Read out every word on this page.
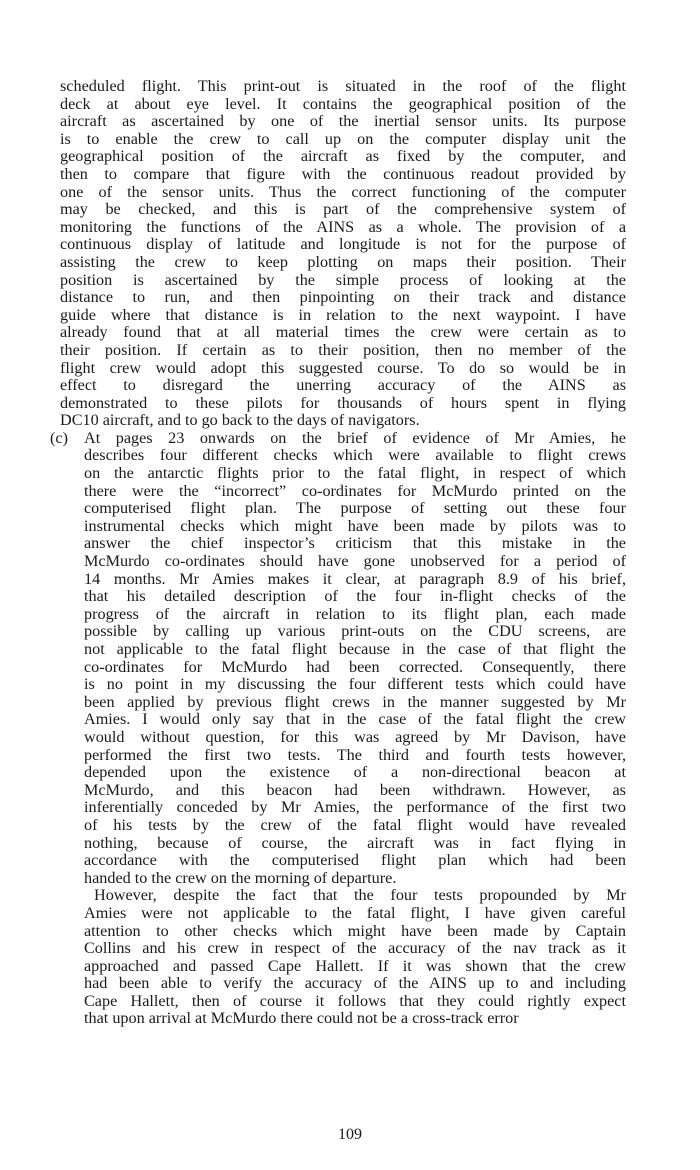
scheduled flight. This print-out is situated in the roof of the flight
deck at about eye level. It contains the geographical position of the
aircraft as ascertained by one of the inertial sensor units. Its purpose
is to enable the crew to call up on the computer display unit the
geographical position of the aircraft as fixed by the computer, and
then to compare that figure with the continuous readout provided by
one of the sensor units. Thus the correct functioning of the computer
may be checked, and this is part of the comprehensive system of
monitoring the functions of the AINS as a whole. The provision of a
continuous display of latitude and longitude is not for the purpose of
assisting the crew to keep plotting on maps their position. Their
position is ascertained by the simple process of looking at the
distance to run, and then pinpointing on their track and distance
guide where that distance is in relation to the next waypoint. I have
already found that at all material times the crew were certain as to
their position. If certain as to their position, then no member of the
flight crew would adopt this suggested course. To do so would be in
effect to disregard the unerring accuracy of the AINS as
demonstrated to these pilots for thousands of hours spent in flying
DC10 aircraft, and to go back to the days of navigators.
(c) At pages 23 onwards on the brief of evidence of Mr Amies, he
describes four different checks which were available to flight crews
on the antarctic flights prior to the fatal flight, in respect of which
there were the “incorrect” co-ordinates for McMurdo printed on the
computerised flight plan. The purpose of setting out these four
instrumental checks which might have been made by pilots was to
answer the chief inspector’s criticism that this mistake in the
McMurdo co-ordinates should have gone unobserved for a period of
14 months. Mr Amies makes it clear, at paragraph 8.9 of his brief,
that his detailed description of the four in-flight checks of the
progress of the aircraft in relation to its flight plan, each made
possible by calling up various print-outs on the CDU screens, are
not applicable to the fatal flight because in the case of that flight the
co-ordinates for McMurdo had been corrected. Consequently, there
is no point in my discussing the four different tests which could have
been applied by previous flight crews in the manner suggested by Mr
Amies. I would only say that in the case of the fatal flight the crew
would without question, for this was agreed by Mr Davison, have
performed the first two tests. The third and fourth tests however,
depended upon the existence of a non-directional beacon at
McMurdo, and this beacon had been withdrawn. However, as
inferentially conceded by Mr Amies, the performance of the first two
of his tests by the crew of the fatal flight would have revealed
nothing, because of course, the aircraft was in fact flying in
accordance with the computerised flight plan which had been
handed to the crew on the morning of departure.
However, despite the fact that the four tests propounded by Mr
Amies were not applicable to the fatal flight, I have given careful
attention to other checks which might have been made by Captain
Collins and his crew in respect of the accuracy of the nav track as it
approached and passed Cape Hallett. If it was shown that the crew
had been able to verify the accuracy of the AINS up to and including
Cape Hallett, then of course it follows that they could rightly expect
that upon arrival at McMurdo there could not be a cross-track error
109
